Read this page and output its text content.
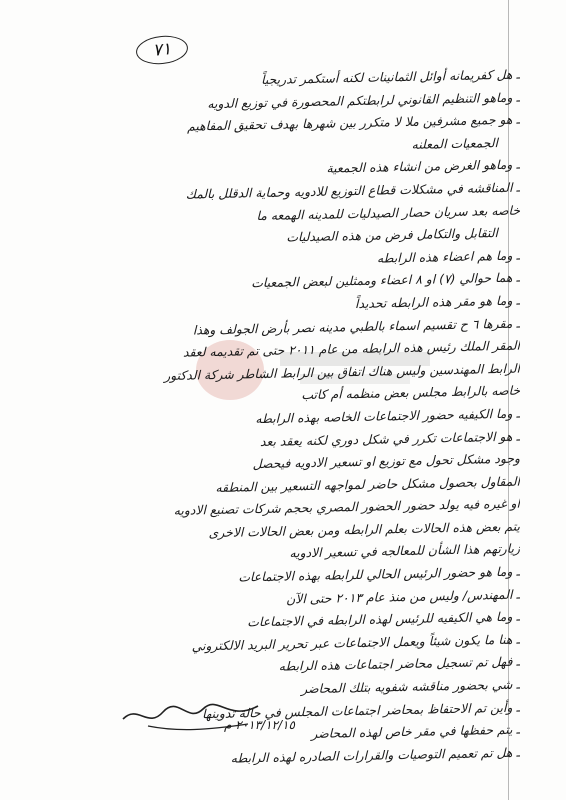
٧١
ـ هل كفريمانه أوائل الثمانينات لكنه أستكمر تدريجياً
ـ وماهو التنظيم القانوني لرابطتكم المحصورة في توزيع الدويه
ـ هو جميع مشرفين ملا لا متكرر بين شهرها بهدف تحقيق المفاهيم
الجمعيات المعلنه
ـ وماهو الغرض من انشاء هذه الجمعية
ـ المناقشه في مشكلات قطاع التوزيع للادويه وحماية الدقلل بالمك
خاصه بعد سريان حصار الصيدليات للمدينه الهمعه ما
التقابل والتكامل فرض من هذه الصيدليات
ـ وما هم اعضاء هذه الرابطه
ـ هما حوالي (٧) او ٨ اعضاء وممثلين لبعض الجمعيات
ـ وما هو مقر هذه الرابطه تحديداً
ـ مقرها ٦ ح تقسيم اسماء بالطبي مدينه نصر بأرض الجولف وهذا
المقر الملك رئيس هذه الرابطه من عام ٢٠١١ حتى تم تقديمه لعقد
الرابط المهندسين وليس هناك اتفاق بين الرابط الشاطر شركة الدكتور
خاصه بالرابط مجلس بعض منظمه أم كاتب
ـ وما الكيفيه حضور الاجتماعات الخاصه بهذه الرابطه
ـ هو الاجتماعات تكرر في شكل دوري لكنه يعقد بعد
وجود مشكل تحول مع توزيع او تسعير الادويه فيحصل
المقاول بحصول مشكل حاضر لمواجهه التسعير بين المنطقه
او غيره فيه يولد حضور الحضور المصري بحجم شركات تصنيع الادويه
يتم بعض هذه الحالات بعلم الرابطه ومن بعض الحالات الاخرى
زيارتهم هذا الشأن للمعالجه في تسعير الادويه
ـ وما هو حضور الرئيس الحالي للرابطه بهذه الاجتماعات
ـ المهندس/ وليس من منذ عام ٢٠١٣ حتى الآن
ـ وما هي الكيفيه للرئيس لهذه الرابطه في الاجتماعات
ـ هنا ما يكون شيئاً ويعمل الاجتماعات عبر تحرير البريد الالكتروني
ـ فهل تم تسجيل محاضر اجتماعات هذه الرابطه
ـ شي بحضور مناقشه شفويه بتلك المحاضر
ـ وأين تم الاحتفاظ بمحاضر اجتماعات المجلس في حالة تدوينها
ـ يتم حفظها في مقر خاص لهذه المحاضر
ـ هل تم تعميم التوصيات والقرارات الصادره لهذه الرابطه
٢٠١٣/١٢/١٥ م
